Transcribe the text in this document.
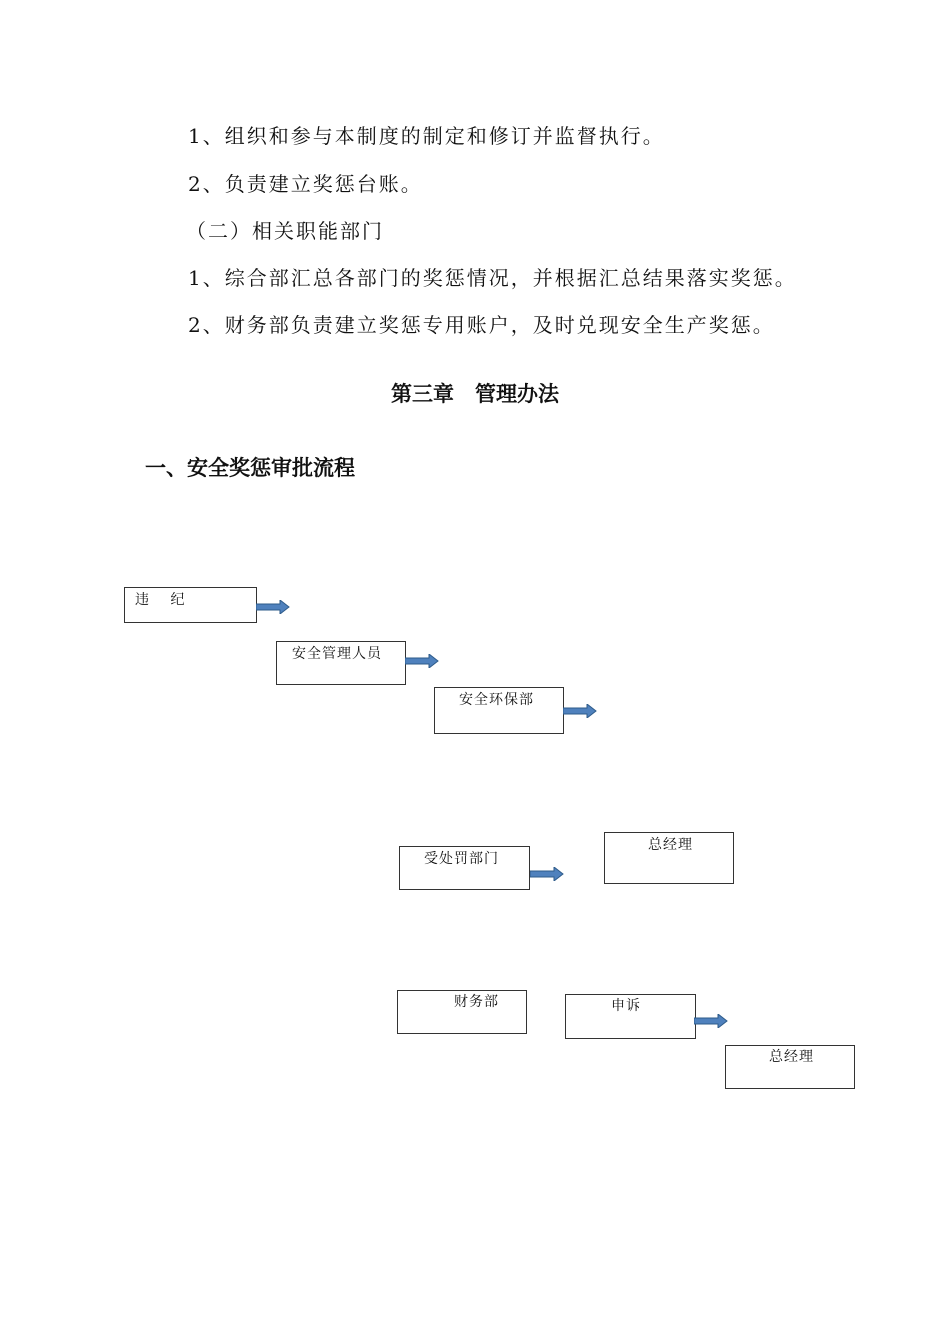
1、组织和参与本制度的制定和修订并监督执行。
2、负责建立奖惩台账。
（二）相关职能部门
1、综合部汇总各部门的奖惩情况，并根据汇总结果落实奖惩。
2、财务部负责建立奖惩专用账户，及时兑现安全生产奖惩。
第三章　管理办法
一、安全奖惩审批流程

违　 纪

安全管理人员

安全环保部

受处罚部门

总经理

财务部

	申诉

总经理
